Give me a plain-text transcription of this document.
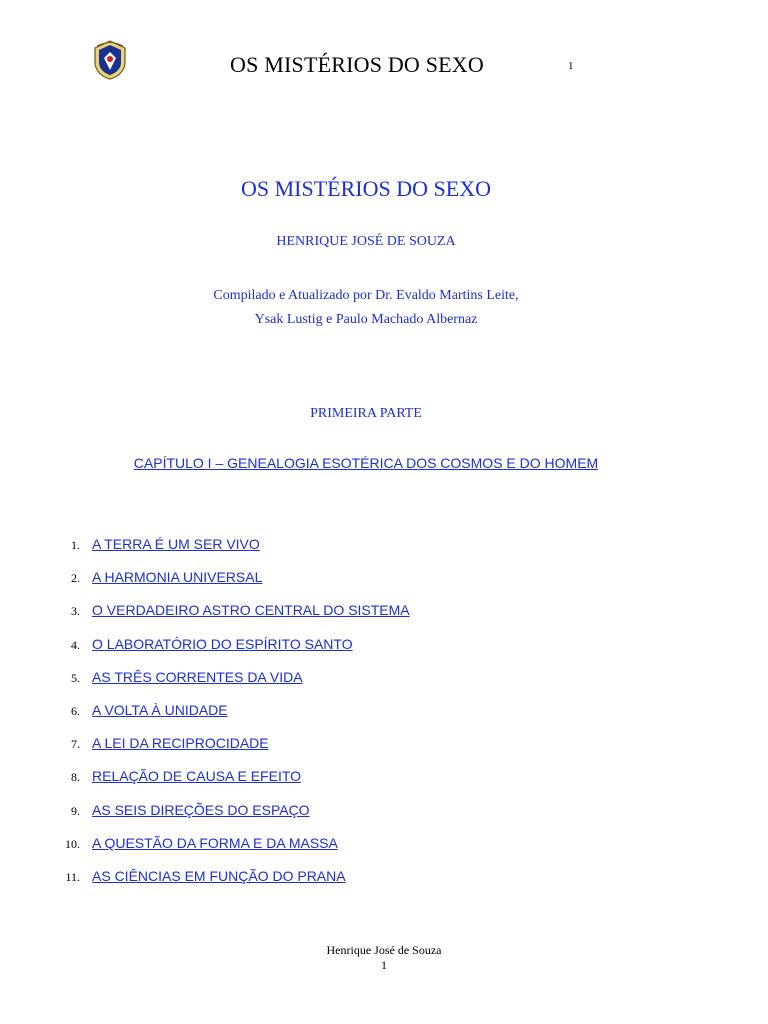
OS MISTÉRIOS DO SEXO	1
OS MISTÉRIOS DO SEXO
HENRIQUE JOSÉ DE SOUZA
Compilado e Atualizado por Dr. Evaldo Martins Leite,
Ysak Lustig e Paulo Machado Albernaz
PRIMEIRA PARTE
CAPÍTULO I – GENEALOGIA ESOTÉRICA DOS COSMOS E DO HOMEM
1. A TERRA É UM SER VIVO
2. A HARMONIA UNIVERSAL
3. O VERDADEIRO ASTRO CENTRAL DO SISTEMA
4. O LABORATÓRIO DO ESPÍRITO SANTO
5. AS TRÊS CORRENTES DA VIDA
6. A VOLTA À UNIDADE
7. A LEI DA RECIPROCIDADE
8. RELAÇÃO DE CAUSA E EFEITO
9. AS SEIS DIREÇÕES DO ESPAÇO
10. A QUESTÃO DA FORMA E DA MASSA
11. AS CIÊNCIAS EM FUNÇÃO DO PRANA
Henrique José de Souza
1
